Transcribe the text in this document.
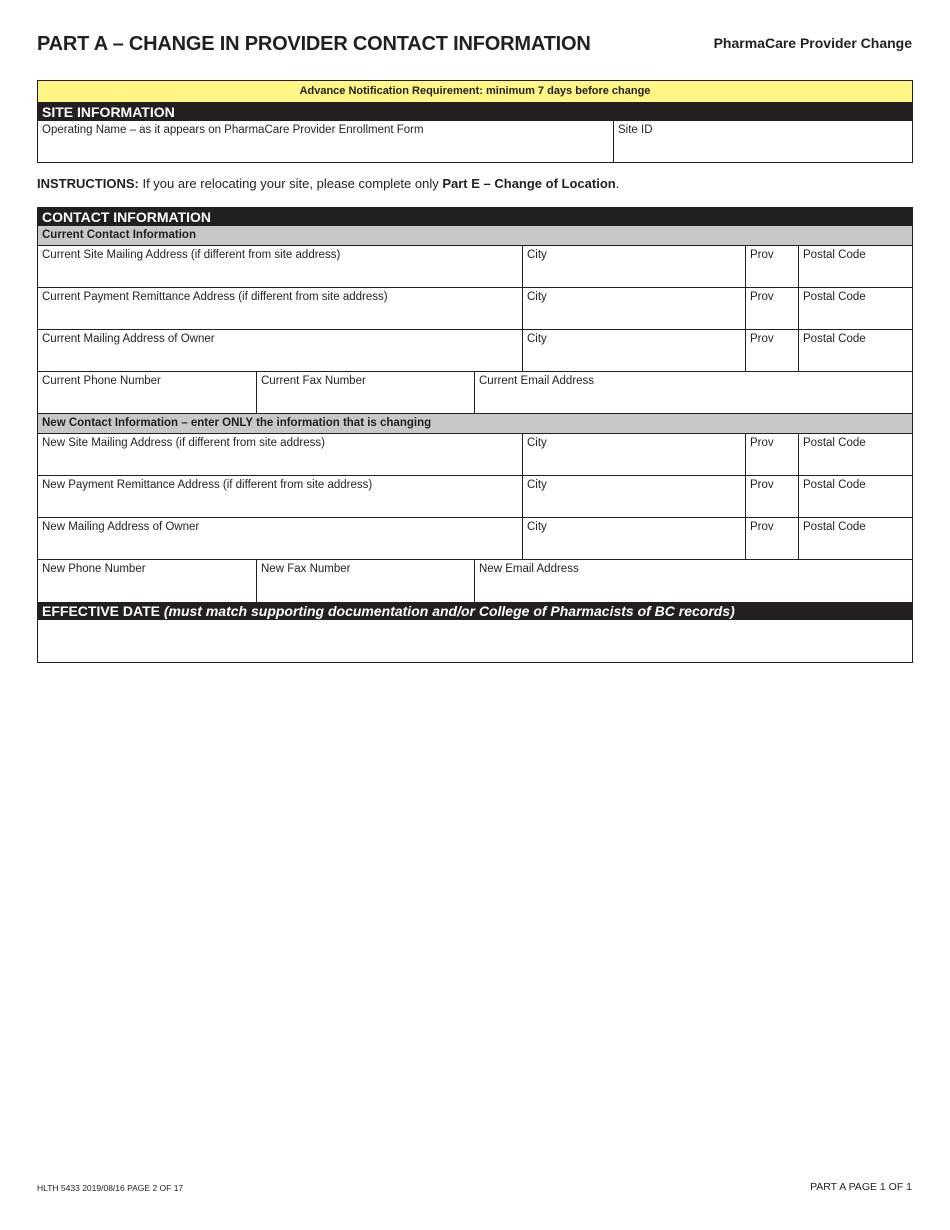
PART A – CHANGE IN PROVIDER CONTACT INFORMATION	PharmaCare Provider Change
Advance Notification Requirement: minimum 7 days before change
SITE INFORMATION
Operating Name – as it appears on PharmaCare Provider Enrollment Form	Site ID
INSTRUCTIONS: If you are relocating your site, please complete only Part E – Change of Location.
CONTACT INFORMATION
Current Contact Information
Current Site Mailing Address (if different from site address)	City	Prov	Postal Code
Current Payment Remittance Address (if different from site address)	City	Prov	Postal Code
Current Mailing Address of Owner	City	Prov	Postal Code
Current Phone Number	Current Fax Number	Current Email Address
New Contact Information – enter ONLY the information that is changing
New Site Mailing Address (if different from site address)	City	Prov	Postal Code
New Payment Remittance Address (if different from site address)	City	Prov	Postal Code
New Mailing Address of Owner	City	Prov	Postal Code
New Phone Number	New Fax Number	New Email Address
EFFECTIVE DATE (must match supporting documentation and/or College of Pharmacists of BC records)
HLTH 5433 2019/08/16 PAGE 2 OF 17	PART A PAGE 1 OF 1
